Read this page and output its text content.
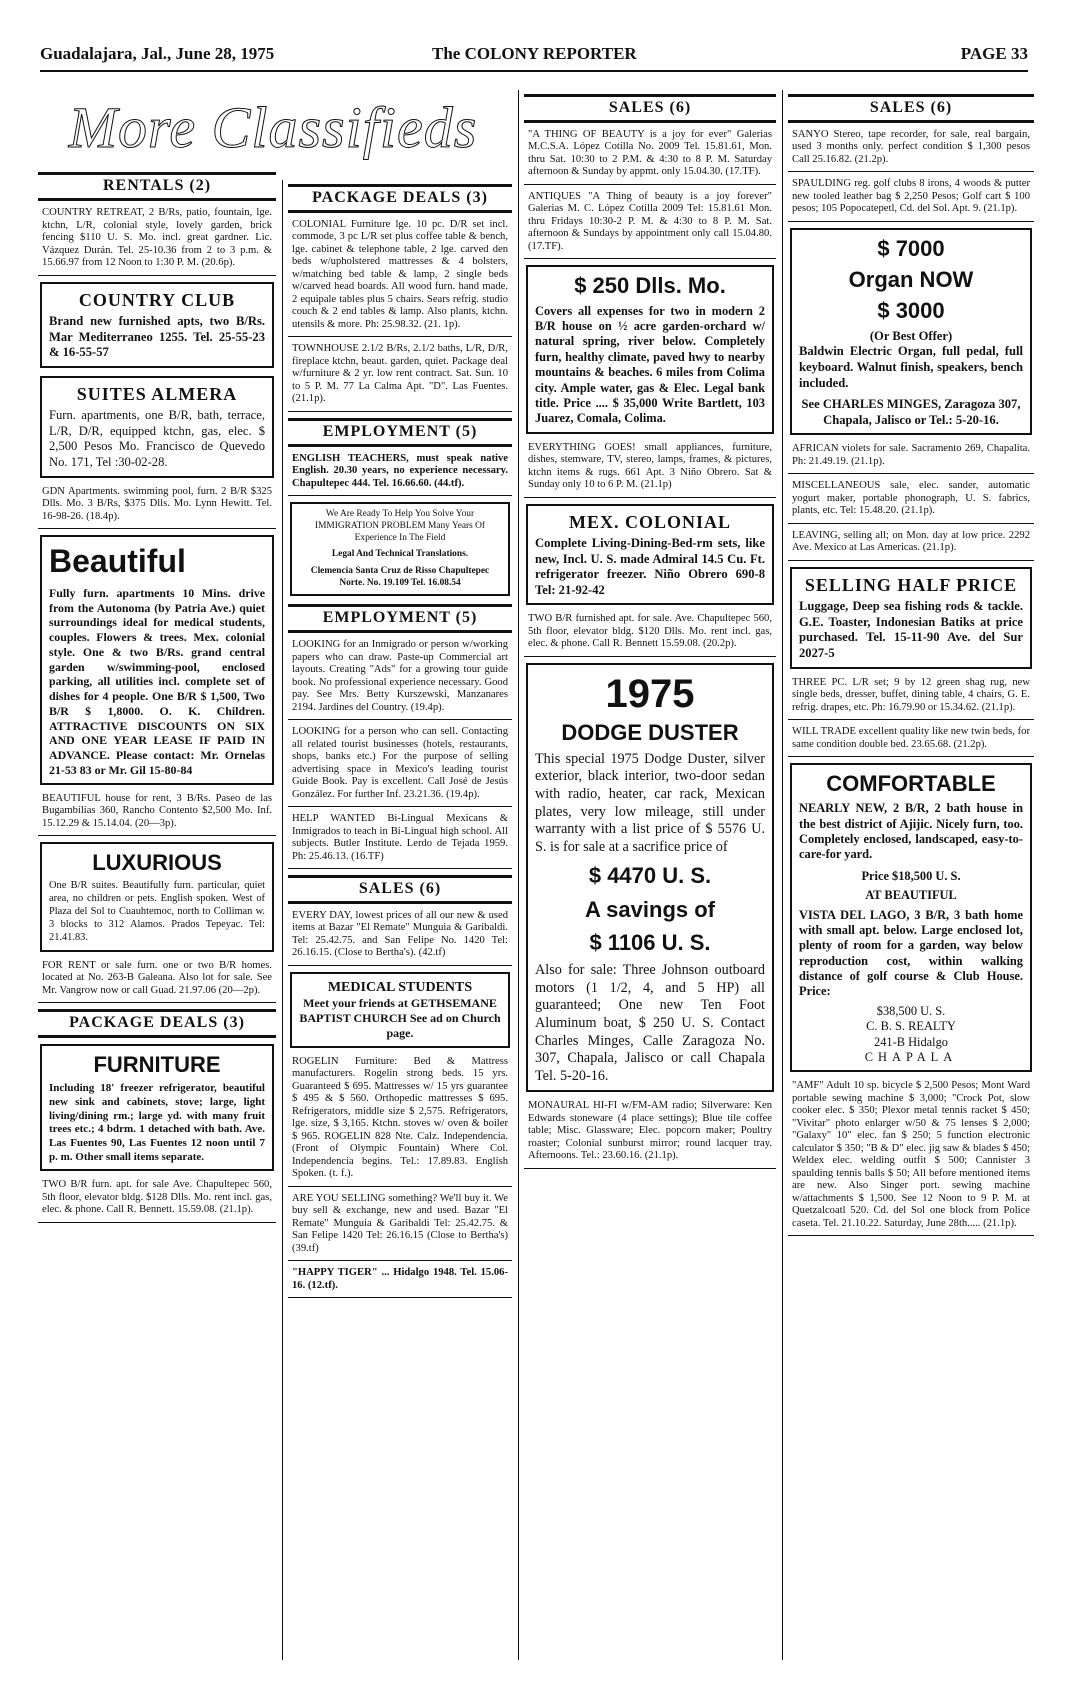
Guadalajara, Jal., June 28, 1975	The COLONY REPORTER	PAGE 33
More Classifieds
RENTALS (2)
COUNTRY RETREAT, 2 B/Rs, patio, fountain, lge. ktchn, L/R, colonial style, lovely garden, brick fencing $110 U. S. Mo. incl. great gardner. Lic. Vázquez Durán. Tel. 25-10.36 from 2 to 3 p.m. & 15.66.97 from 12 Noon to 1:30 P. M. (20.6p).
COUNTRY CLUB
Brand new furnished apts, two B/Rs. Mar Mediterraneo 1255. Tel. 25-55-23 & 16-55-57
SUITES ALMERA
Furn. apartments, one B/R, bath, terrace, L/R, D/R, equipped ktchn, gas, elec. $ 2,500 Pesos Mo. Francisco de Quevedo No. 171, Tel :30-02-28.
GDN Apartments. swimming pool, furn. 2 B/R $325 Dlls. Mo. 3 B/Rs, $375 Dlls. Mo. Lynn Hewitt. Tel. 16-98-26. (18.4p).
Beautiful
Fully furn. apartments 10 Mins. drive from the Autonoma (by Patria Ave.) quiet surroundings ideal for medical students, couples. Flowers & trees. Mex. colonial style. One & two B/Rs. grand central garden w/swimming-pool, enclosed parking, all utilities incl. complete set of dishes for 4 people. One B/R $ 1,500, Two B/R $ 1,8000. O. K. Children. ATTRACTIVE DISCOUNTS ON SIX AND ONE YEAR LEASE IF PAID IN ADVANCE. Please contact: Mr. Ornelas 21-53 83 or Mr. Gil 15-80-84
BEAUTIFUL house for rent, 3 B/Rs. Paseo de las Bugambilias 360, Rancho Contento $2,500 Mo. Inf. 15.12.29 & 15.14.04. (20—3p).
LUXURIOUS
One B/R suites. Beautifully furn. particular, quiet area, no children or pets. English spoken. West of Plaza del Sol to Cuauhtemoc, north to Colliman w. 3 blocks to 312 Alamos. Prados Tepeyac. Tel: 21.41.83.
FOR RENT or sale furn. one or two B/R homes. located at No. 263-B Galeana. Also lot for sale. See Mr. Vangrow now or call Guad. 21.97.06 (20—2p).
PACKAGE DEALS (3)
FURNITURE
Including 18' freezer refrigerator, beautiful new sink and cabinets, stove; large, light living/dining rm.; large yd. with many fruit trees etc.; 4 bdrm. 1 detached with bath. Ave. Las Fuentes 90, Las Fuentes 12 noon until 7 p. m. Other small items separate.
TWO B/R furn. apt. for sale Ave. Chapultepec 560, 5th floor, elevator bldg. $128 Dlls. Mo. rent incl. gas, elec. & phone. Call R. Bennett. 15.59.08. (21.1p).
PACKAGE DEALS (3)
COLONIAL Furniture lge. 10 pc. D/R set incl. commode, 3 pc L/R set plus coffee table & bench, lge. cabinet & telephone table, 2 lge. carved den beds w/upholstered mattresses & 4 bolsters, w/matching bed table & lamp, 2 single beds w/carved head boards. All wood furn. hand made. 2 equipale tables plus 5 chairs. Sears refrig. studio couch & 2 end tables & lamp. Also plants, ktchn. utensils & more. Ph: 25.98.32. (21. 1p).
TOWNHOUSE 2.1/2 B/Rs, 2.1/2 baths, L/R, D/R, fireplace ktchn, beaut. garden, quiet. Package deal w/furniture & 2 yr. low rent contract. Sat. Sun. 10 to 5 P. M. 77 La Calma Apt. "D". Las Fuentes. (21.1p).
EMPLOYMENT (5)
ENGLISH TEACHERS, must speak native English. 20.30 years, no experience necessary. Chapultepec 444. Tel. 16.66.60. (44.tf).
We Are Ready To Help You Solve Your IMMIGRATION PROBLEM Many Years Of Experience In The Field
Legal And Technical Translations.
Clemencia Santa Cruz de Risso Chapultepec Norte. No. 19.109 Tel. 16.08.54
EMPLOYMENT (5)
LOOKING for an Inmigrado or person w/working papers who can draw. Paste-up Commercial art layouts. Creating "Ads" for a growing tour guide book. No professional experience necessary. Good pay. See Mrs. Betty Kurszewski, Manzanares 2194. Jardines del Country. (19.4p).
LOOKING for a person who can sell. Contacting all related tourist businesses (hotels, restaurants, shops, banks etc.) For the purpose of selling advertising space in Mexico's leading tourist Guide Book. Pay is excellent. Call José de Jesús González. For further Inf. 23.21.36. (19.4p).
HELP WANTED Bi-Lingual Mexicans & Inmigrados to teach in Bi-Lingual high school. All subjects. Butler Institute. Lerdo de Tejada 1959. Ph: 25.46.13. (16.TF)
SALES (6)
EVERY DAY, lowest prices of all our new & used items at Bazar "El Remate" Munguia & Garibaldi. Tel: 25.42.75. and San Felipe No. 1420 Tel: 26.16.15. (Close to Bertha's). (42.tf)
MEDICAL STUDENTS
Meet your friends at GETHSEMANE BAPTIST CHURCH See ad on Church page.
ROGELIN Furniture: Bed & Mattress manufacturers. Rogelin strong beds. 15 yrs. Guaranteed $ 695. Mattresses w/ 15 yrs guarantee $ 495 & $ 560. Orthopedic mattresses $ 695. Refrigerators, middle size $ 2,575. Refrigerators, lge. size, $ 3,165. Ktchn. stoves w/ oven & boiler $ 965. ROGELIN 828 Nte. Calz. Independencia. (Front of Olympic Fountain) Where Col. Independencia begins. Tel.: 17.89.83. English Spoken. (t. f.).
ARE YOU SELLING something? We'll buy it. We buy sell & exchange, new and used. Bazar "El Remate" Munguia & Garibaldi Tel: 25.42.75. & San Felipe 1420 Tel: 26.16.15 (Close to Bertha's) (39.tf)
"HAPPY TIGER" ... Hidalgo 1948. Tel. 15.06-16. (12.tf).
SALES (6)
"A THING OF BEAUTY is a joy for ever" Galerias M.C.S.A. López Cotilla No. 2009 Tel. 15.81.61, Mon. thru Sat. 10:30 to 2 P.M. & 4:30 to 8 P. M. Saturday afternoon & Sunday by appmt. only 15.04.30. (17.TF).
ANTIQUES "A Thing of beauty is a joy forever" Galerias M. C. López Cotilla 2009 Tel: 15.81.61 Mon. thru Fridays 10:30-2 P. M. & 4:30 to 8 P. M. Sat. afternoon & Sundays by appointment only call 15.04.80. (17.TF).
$ 250 Dlls. Mo.
Covers all expenses for two in modern 2 B/R house on ½ acre garden-orchard w/ natural spring, river below. Completely furn, healthy climate, paved hwy to nearby mountains & beaches. 6 miles from Colima city. Ample water, gas & Elec. Legal bank title. Price .... $ 35,000 Write Bartlett, 103 Juarez, Comala, Colima.
EVERYTHING GOES! small appliances, furniture, dishes, stemware, TV, stereo, lamps, frames, & pictures, ktchn items & rugs. 661 Apt. 3 Niño Obrero. Sat & Sunday only 10 to 6 P. M. (21.1p)
MEX. COLONIAL
Complete Living-Dining-Bed-rm sets, like new, Incl. U. S. made Admiral 14.5 Cu. Ft. refrigerator freezer. Niño Obrero 690-8 Tel: 21-92-42
TWO B/R furnished apt. for sale. Ave. Chapultepec 560, 5th floor, elevator bldg. $120 Dlls. Mo. rent incl. gas, elec. & phone. Call R. Bennett 15.59.08. (20.2p).
1975
DODGE DUSTER
This special 1975 Dodge Duster, silver exterior, black interior, two-door sedan with radio, heater, car rack, Mexican plates, very low mileage, still under warranty with a list price of $ 5576 U. S. is for sale at a sacrifice price of
$ 4470 U. S.
A savings of
$ 1106 U. S.
Also for sale: Three Johnson outboard motors (1 1/2, 4, and 5 HP) all guaranteed; One new Ten Foot Aluminum boat, $ 250 U. S. Contact Charles Minges, Calle Zaragoza No. 307, Chapala, Jalisco or call Chapala Tel. 5-20-16.
MONAURAL HI-FI w/FM-AM radio; Silverware: Ken Edwards stoneware (4 place settings); Blue tile coffee table; Misc. Glassware; Elec. popcorn maker; Poultry roaster; Colonial sunburst mirror; round lacquer tray. Afternoons. Tel.: 23.60.16. (21.1p).
SALES (6)
SANYO Stereo, tape recorder, for sale, real bargain, used 3 months only. perfect condition $ 1,300 pesos Call 25.16.82. (21.2p).
SPAULDING reg. golf clubs 8 irons, 4 woods & putter new tooled leather bag $ 2,250 Pesos; Golf cart $ 100 pesos; 105 Popocatepetl, Cd. del Sol. Apt. 9. (21.1p).
$ 7000
Organ NOW
$ 3000
(Or Best Offer)
Baldwin Electric Organ, full pedal, full keyboard. Walnut finish, speakers, bench included.
See CHARLES MINGES, Zaragoza 307, Chapala, Jalisco or Tel.: 5-20-16.
AFRICAN violets for sale. Sacramento 269, Chapalita. Ph: 21.49.19. (21.1p).
MISCELLANEOUS sale, elec. sander, automatic yogurt maker, portable phonograph, U. S. fabrics, plants, etc. Tel: 15.48.20. (21.1p).
LEAVING, selling all; on Mon. day at low price. 2292 Ave. Mexico at Las Americas. (21.1p).
SELLING HALF PRICE
Luggage, Deep sea fishing rods & tackle. G.E. Toaster, Indonesian Batiks at price purchased. Tel. 15-11-90 Ave. del Sur 2027-5
THREE PC. L/R set; 9 by 12 green shag rug, new single beds, dresser, buffet, dining table, 4 chairs, G. E. refrig. drapes, etc. Ph: 16.79.90 or 15.34.62. (21.1p).
WILL TRADE excellent quality like new twin beds, for same condition double bed. 23.65.68. (21.2p).
COMFORTABLE
NEARLY NEW, 2 B/R, 2 bath house in the best district of Ajijic. Nicely furn, too. Completely enclosed, landscaped, easy-to-care-for yard.
Price $18,500 U. S.
AT BEAUTIFUL
VISTA DEL LAGO, 3 B/R, 3 bath home with small apt. below. Large enclosed lot, plenty of room for a garden, way below reproduction cost, within walking distance of golf course & Club House. Price:
$38,500 U. S.
C. B. S. REALTY
241-B Hidalgo
CHAPALA
"AMF" Adult 10 sp. bicycle $ 2,500 Pesos; Mont Ward portable sewing machine $ 3,000; "Crock Pot, slow cooker elec. $ 350; Plexor metal tennis racket $ 450; "Vivitar" photo enlarger w/50 & 75 lenses $ 2,000; "Galaxy" 10" elec. fan $ 250; 5 function electronic calculator $ 350; "B & D" elec. jig saw & blades $ 450; Weldex elec. welding outfit $ 500; Cannister 3 spaulding tennis balls $ 50; All before mentioned items are new. Also Singer port. sewing machine w/attachments $ 1,500. See 12 Noon to 9 P. M. at Quetzalcoatl 520. Cd. del Sol one block from Police caseta. Tel. 21.10.22. Saturday, June 28th..... (21.1p).
